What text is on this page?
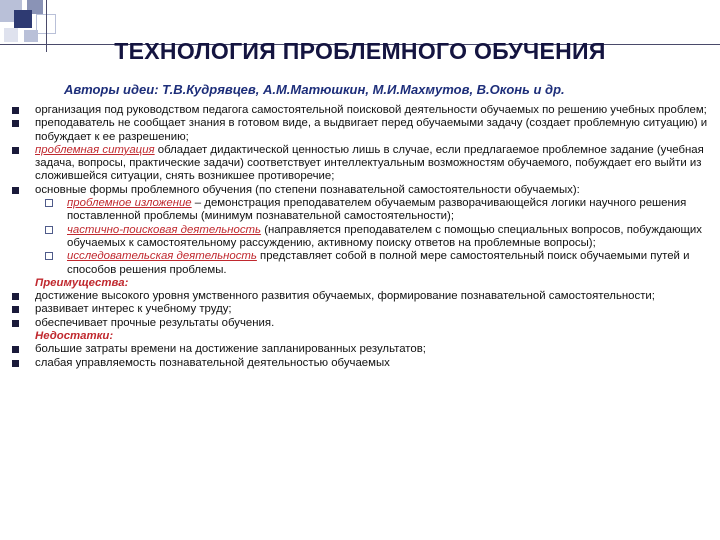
ТЕХНОЛОГИЯ ПРОБЛЕМНОГО ОБУЧЕНИЯ
Авторы идеи: Т.В.Кудрявцев, А.М.Матюшкин, М.И.Махмутов, В.Оконь и др.
организация под руководством педагога самостоятельной поисковой деятельности обучаемых по решению учебных проблем;
преподаватель не сообщает знания в готовом виде, а выдвигает перед обучаемыми задачу (создает проблемную ситуацию) и побуждает к ее разрешению;
проблемная ситуация обладает дидактической ценностью лишь в случае, если предлагаемое проблемное задание (учебная задача, вопросы, практические задачи) соответствует интеллектуальным возможностям обучаемого, побуждает его выйти из сложившейся ситуации, снять возникшее противоречие;
основные формы проблемного обучения (по степени познавательной самостоятельности обучаемых):
проблемное изложение – демонстрация преподавателем обучаемым разворачивающейся логики научного решения поставленной проблемы (минимум познавательной самостоятельности);
частично-поисковая деятельность (направляется преподавателем с помощью специальных вопросов, побуждающих обучаемых к самостоятельному рассуждению, активному поиску ответов на проблемные вопросы);
исследовательская деятельность представляет собой в полной мере самостоятельный поиск обучаемыми путей и способов решения проблемы.
Преимущества:
достижение высокого уровня умственного развития обучаемых, формирование познавательной самостоятельности;
развивает интерес к учебному труду;
обеспечивает прочные результаты обучения.
Недостатки:
большие затраты времени на достижение запланированных результатов;
слабая управляемость познавательной деятельностью обучаемых
